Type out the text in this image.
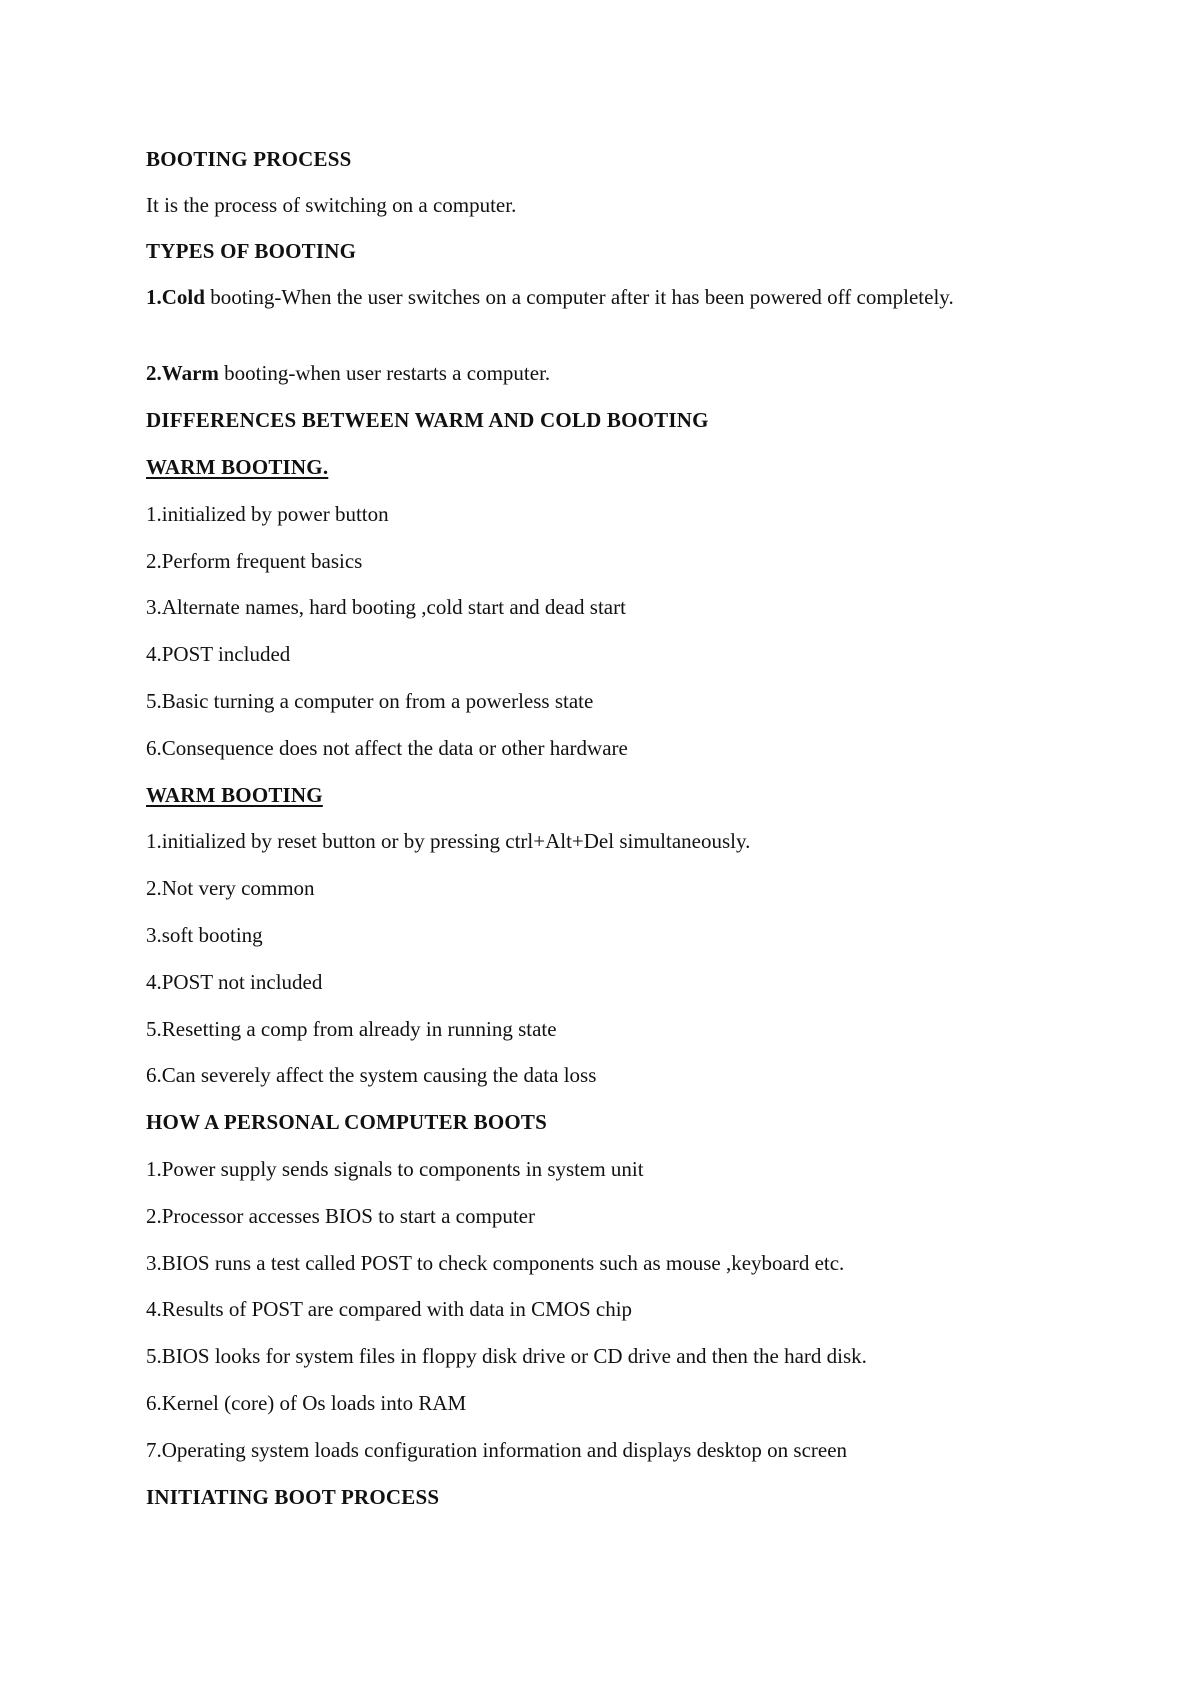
BOOTING PROCESS
It is the process of switching on a computer.
TYPES OF BOOTING
1.Cold booting-When the user switches on a computer after it has been powered off completely.
2.Warm booting-when user restarts a computer.
DIFFERENCES BETWEEN WARM AND COLD BOOTING
WARM BOOTING.
1.initialized by power button
2.Perform frequent basics
3.Alternate names, hard booting ,cold start and dead start
4.POST included
5.Basic turning a computer on from a powerless state
6.Consequence does not affect the data or other hardware
WARM BOOTING
1.initialized by reset button or by pressing ctrl+Alt+Del simultaneously.
2.Not very common
3.soft booting
4.POST not included
5.Resetting a comp from already in running state
6.Can severely affect the system causing the data loss
HOW A PERSONAL COMPUTER BOOTS
1.Power supply sends signals to components in system unit
2.Processor accesses BIOS to start a computer
3.BIOS runs a test called POST to check components such as mouse ,keyboard etc.
4.Results of POST are compared with data in CMOS chip
5.BIOS looks for system files in floppy disk drive or CD drive and then the hard disk.
6.Kernel (core) of Os loads into RAM
7.Operating system loads configuration information and displays desktop on screen
INITIATING BOOT PROCESS
